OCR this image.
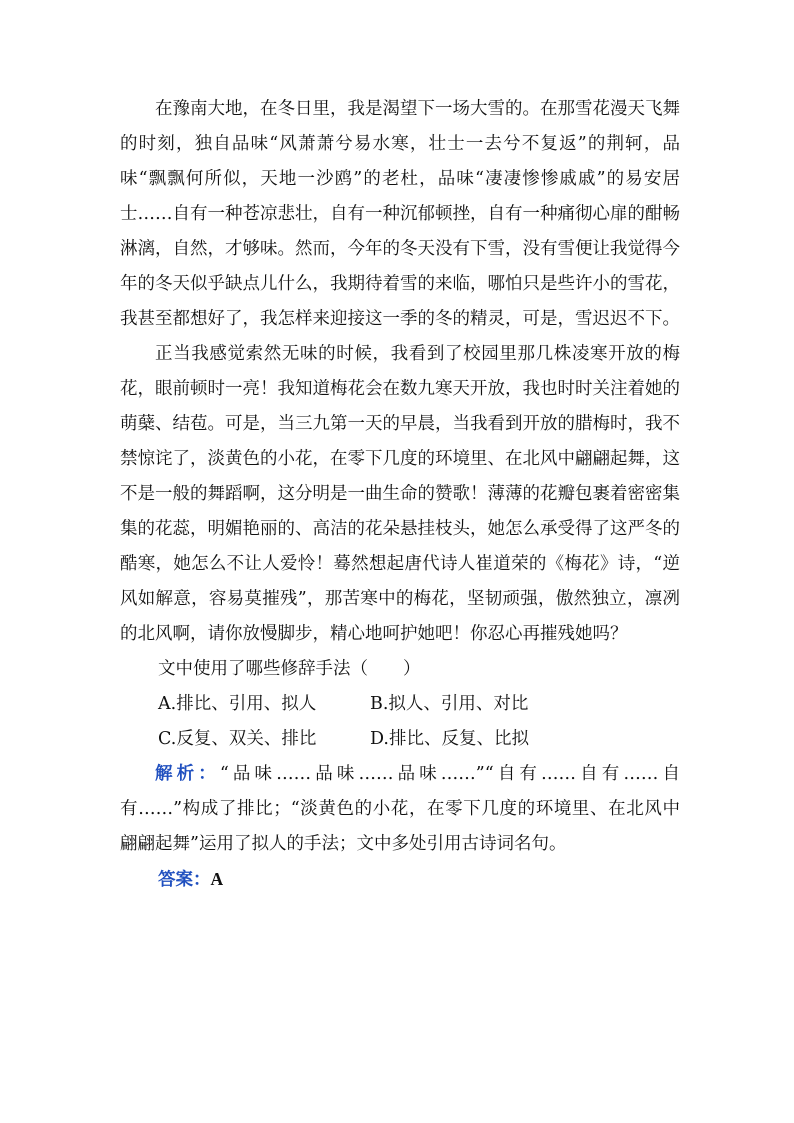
在豫南大地，在冬日里，我是渴望下一场大雪的。在那雪花漫天飞舞的时刻，独自品味“风萧萧兮易水寒，壮士一去兮不复返”的荆轲，品味“飘飘何所似，天地一沙鸥”的老杜，品味“凄凄惨惨戚戚”的易安居士……自有一种苍凉悲壮，自有一种沉郁顿挫，自有一种痛彻心扉的酣畅淋漓，自然，才够味。然而，今年的冬天没有下雪，没有雪便让我觉得今年的冬天似乎缺点儿什么，我期待着雪的来临，哪怕只是些许小的雪花，我甚至都想好了，我怎样来迎接这一季的冬的精灵，可是，雪迟迟不下。

正当我感觉索然无味的时候，我看到了校园里那几株凌寒开放的梅花，眼前顿时一亮！我知道梅花会在数九寒天开放，我也时时关注着她的萌蘖、结苞。可是，当三九第一天的早晨，当我看到开放的腊梅时，我不禁惊诧了，淡黄色的小花，在零下几度的环境里、在北风中翩翩起舞，这不是一般的舞蹈啊，这分明是一曲生命的赞歌！薄薄的花瓣包裹着密密集集的花蕊，明媚艳丽的、高洁的花朵悬挂枝头，她怎么承受得了这严冬的酷寒，她怎么不让人爱怜！蓦然想起唐代诗人崔道荣的《梅花》诗，“逆风如解意，容易莫摧残”，那苦寒中的梅花，坚韧顽强，傲然独立，凛冽的北风啊，请你放慢脚步，精心地呵护她吧！你忍心再摧残她吗？

文中使用了哪些修辞手法（　　）

A.排比、引用、拟人	B.拟人、引用、对比
C.反复、双关、排比	D.排比、反复、比拟

解析：“品味……品味……品味……”“自有……自有……自有……”构成了排比；“淡黄色的小花，在零下几度的环境里、在北风中翩翩起舞”运用了拟人的手法；文中多处引用古诗词名句。

答案：A
